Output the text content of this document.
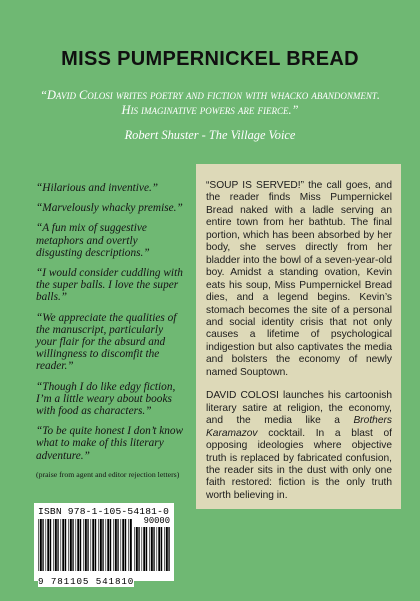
MISS PUMPERNICKEL BREAD

“David Colosi writes poetry and fiction with whacko abandonment. His imaginative powers are fierce.”

Robert Shuster - The Village Voice

“Hilarious and inventive.”

“Marvelously whacky premise.”

“A fun mix of suggestive metaphors and overtly disgusting descriptions.”

“I would consider cuddling with the super balls. I love the super balls.”

“We appreciate the qualities of the manuscript, particularly your flair for the absurd and willingness to discomfit the reader.”

“Though I do like edgy fiction, I’m a little weary about books with food as characters.”

“To be quite honest I don’t know what to make of this literary adventure.”

(praise from agent and editor rejection letters)

“SOUP IS SERVED!” the call goes, and the reader finds Miss Pumpernickel Bread naked with a ladle serving an entire town from her bathtub. The final portion, which has been absorbed by her body, she serves directly from her bladder into the bowl of a seven-year-old boy. Amidst a standing ovation, Kevin eats his soup, Miss Pumpernickel Bread dies, and a legend begins. Kevin’s stomach becomes the site of a personal and social identity crisis that not only causes a lifetime of psychological indigestion but also captivates the media and bolsters the economy of newly named Souptown.

DAVID COLOSI launches his cartoonish literary satire at religion, the economy, and the media like a Brothers Karamazov cocktail. In a blast of opposing ideologies where objective truth is replaced by fabricated confusion, the reader sits in the dust with only one faith restored: fiction is the only truth worth believing in.

ISBN 978-1-105-54181-0
90000
9 781105 541810
